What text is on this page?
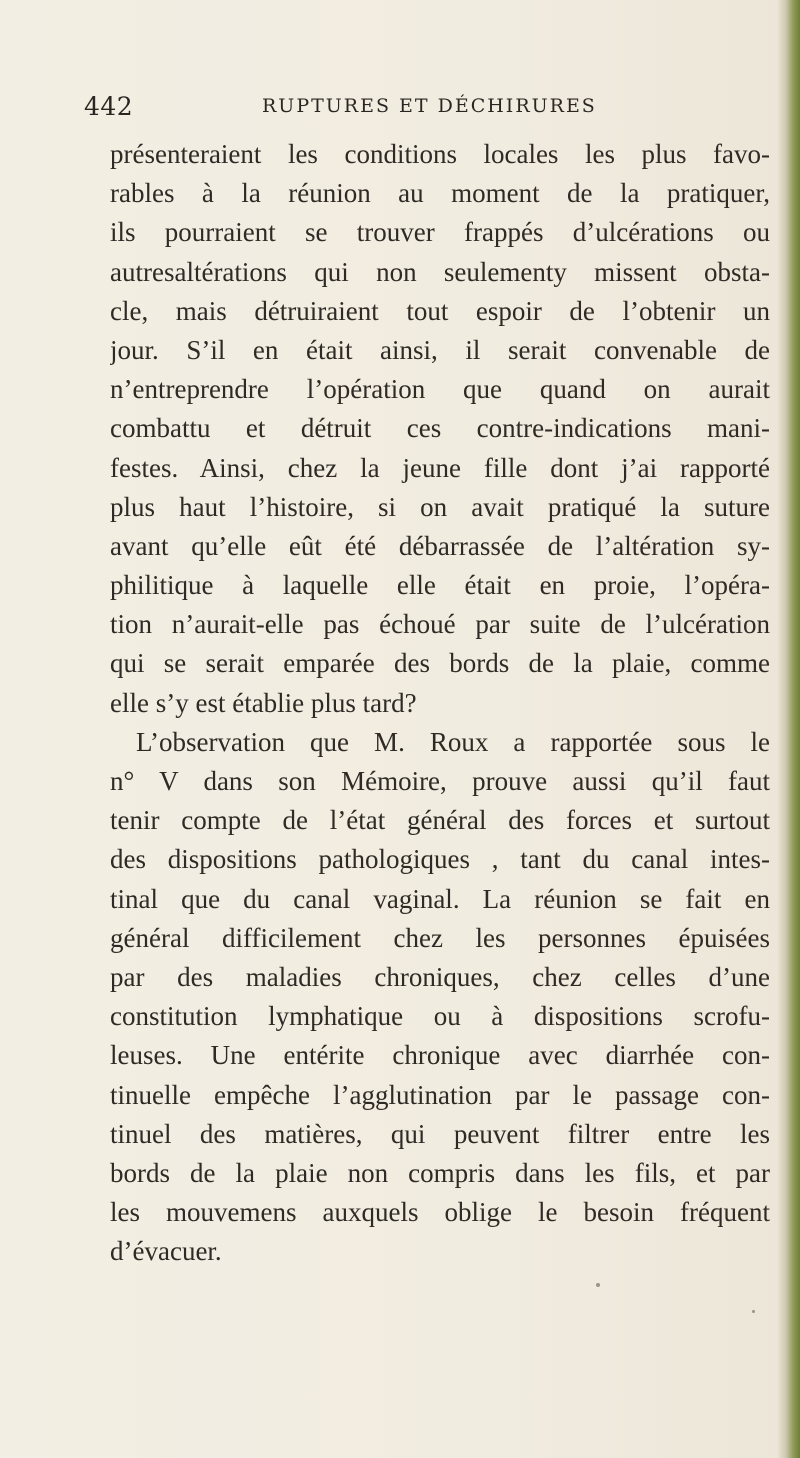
442	RUPTURES ET DÉCHIRURES
présenteraient les conditions locales les plus favo-
rables à la réunion au moment de la pratiquer,
ils pourraient se trouver frappés d’ulcérations ou
autresaltérations qui non seulementy missent obsta-
cle, mais détruiraient tout espoir de l’obtenir un
jour. S’il en était ainsi, il serait convenable de
n’entreprendre l’opération que quand on aurait
combattu et détruit ces contre-indications mani-
festes. Ainsi, chez la jeune fille dont j’ai rapporté
plus haut l’histoire, si on avait pratiqué la suture
avant qu’elle eût été débarrassée de l’altération sy-
philitique à laquelle elle était en proie, l’opéra-
tion n’aurait-elle pas échoué par suite de l’ulcération
qui se serait emparée des bords de la plaie, comme
elle s’y est établie plus tard?
L’observation que M. Roux a rapportée sous le
n° V dans son Mémoire, prouve aussi qu’il faut
tenir compte de l’état général des forces et surtout
des dispositions pathologiques , tant du canal intes-
tinal que du canal vaginal. La réunion se fait en
général difficilement chez les personnes épuisées
par des maladies chroniques, chez celles d’une
constitution lymphatique ou à dispositions scrofu-
leuses. Une entérite chronique avec diarrhée con-
tinuelle empêche l’agglutination par le passage con-
tinuel des matières, qui peuvent filtrer entre les
bords de la plaie non compris dans les fils, et par
les mouvemens auxquels oblige le besoin fréquent
d’évacuer.
